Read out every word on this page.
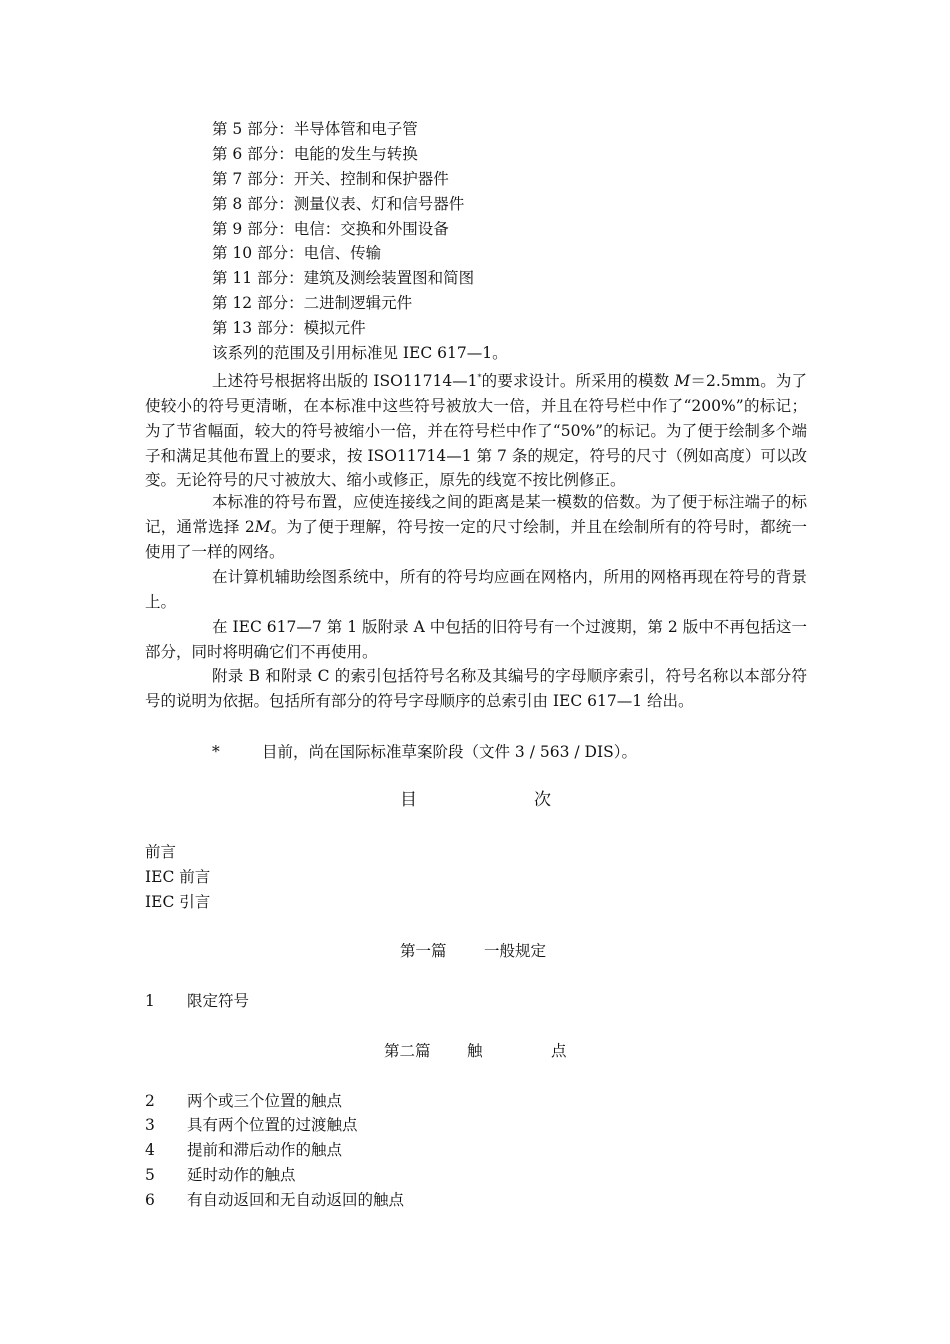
第 5 部分：半导体管和电子管
第 6 部分：电能的发生与转换
第 7 部分：开关、控制和保护器件
第 8 部分：测量仪表、灯和信号器件
第 9 部分：电信：交换和外围设备
第 10 部分：电信、传输
第 11 部分：建筑及测绘装置图和简图
第 12 部分：二进制逻辑元件
第 13 部分：模拟元件
该系列的范围及引用标准见 IEC 617—1。

上述符号根据将出版的 ISO11714—1*的要求设计。所采用的模数 M＝2.5mm。为了使较小的符号更清晰，在本标准中这些符号被放大一倍，并且在符号栏中作了“200%”的标记；为了节省幅面，较大的符号被缩小一倍，并在符号栏中作了“50%”的标记。为了便于绘制多个端子和满足其他布置上的要求，按 ISO11714—1 第 7 条的规定，符号的尺寸（例如高度）可以改变。无论符号的尺寸被放大、缩小或修正，原先的线宽不按比例修正。

本标准的符号布置，应使连接线之间的距离是某一模数的倍数。为了便于标注端子的标记，通常选择 2M。为了便于理解，符号按一定的尺寸绘制，并且在绘制所有的符号时，都统一使用了一样的网络。

在计算机辅助绘图系统中，所有的符号均应画在网格内，所用的网格再现在符号的背景上。

在 IEC 617—7 第 1 版附录 A 中包括的旧符号有一个过渡期，第 2 版中不再包括这一部分，同时将明确它们不再使用。

附录 B 和附录 C 的索引包括符号名称及其编号的字母顺序索引，符号名称以本部分符号的说明为依据。包括所有部分的符号字母顺序的总索引由 IEC 617—1 给出。

*	目前，尚在国际标准草案阶段（文件 3 / 563 / DIS）。
目	次
前言
IEC 前言
IEC 引言
第一篇 一般规定
1 限定符号
第二篇 触	点
2 两个或三个位置的触点
3 具有两个位置的过渡触点
4 提前和滞后动作的触点
5 延时动作的触点
6 有自动返回和无自动返回的触点
